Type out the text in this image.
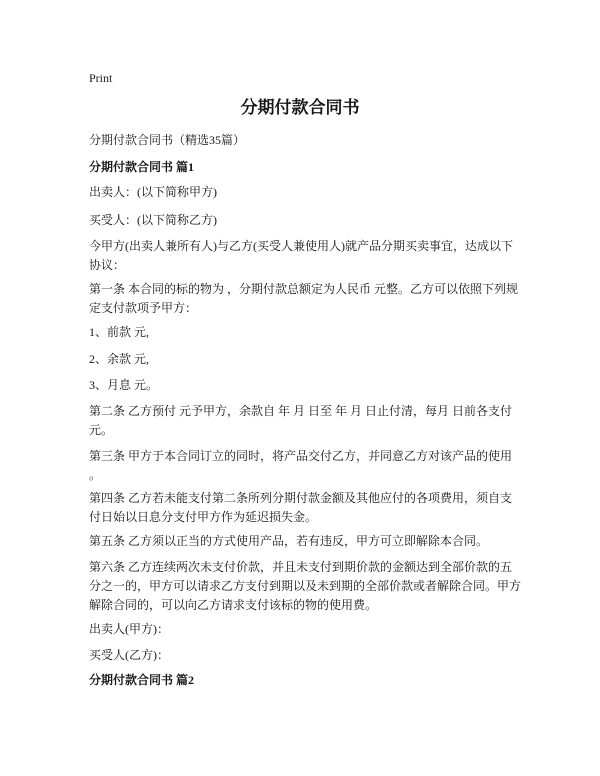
Print
分期付款合同书
分期付款合同书（精选35篇）
分期付款合同书 篇1
出卖人：(以下简称甲方)
买受人：(以下简称乙方)
今甲方(出卖人兼所有人)与乙方(买受人兼使用人)就产品分期买卖事宜，达成以下
协议：
第一条 本合同的标的物为 ，分期付款总额定为人民币 元整。乙方可以依照下列规
定支付款项予甲方：
1、前款 元,
2、余款 元,
3、月息 元。
第二条 乙方预付 元予甲方，余款自 年 月 日至 年 月 日止付清，每月 日前各支付
元。
第三条 甲方于本合同订立的同时，将产品交付乙方，并同意乙方对该产品的使用
。
第四条 乙方若未能支付第二条所列分期付款金额及其他应付的各项费用，须自支
付日始以日息分支付甲方作为延迟损失金。
第五条 乙方须以正当的方式使用产品，若有违反，甲方可立即解除本合同。
第六条 乙方连续两次未支付价款，并且未支付到期价款的金额达到全部价款的五
分之一的，甲方可以请求乙方支付到期以及未到期的全部价款或者解除合同。甲方
解除合同的，可以向乙方请求支付该标的物的使用费。
出卖人(甲方)：
买受人(乙方)：
分期付款合同书 篇2
